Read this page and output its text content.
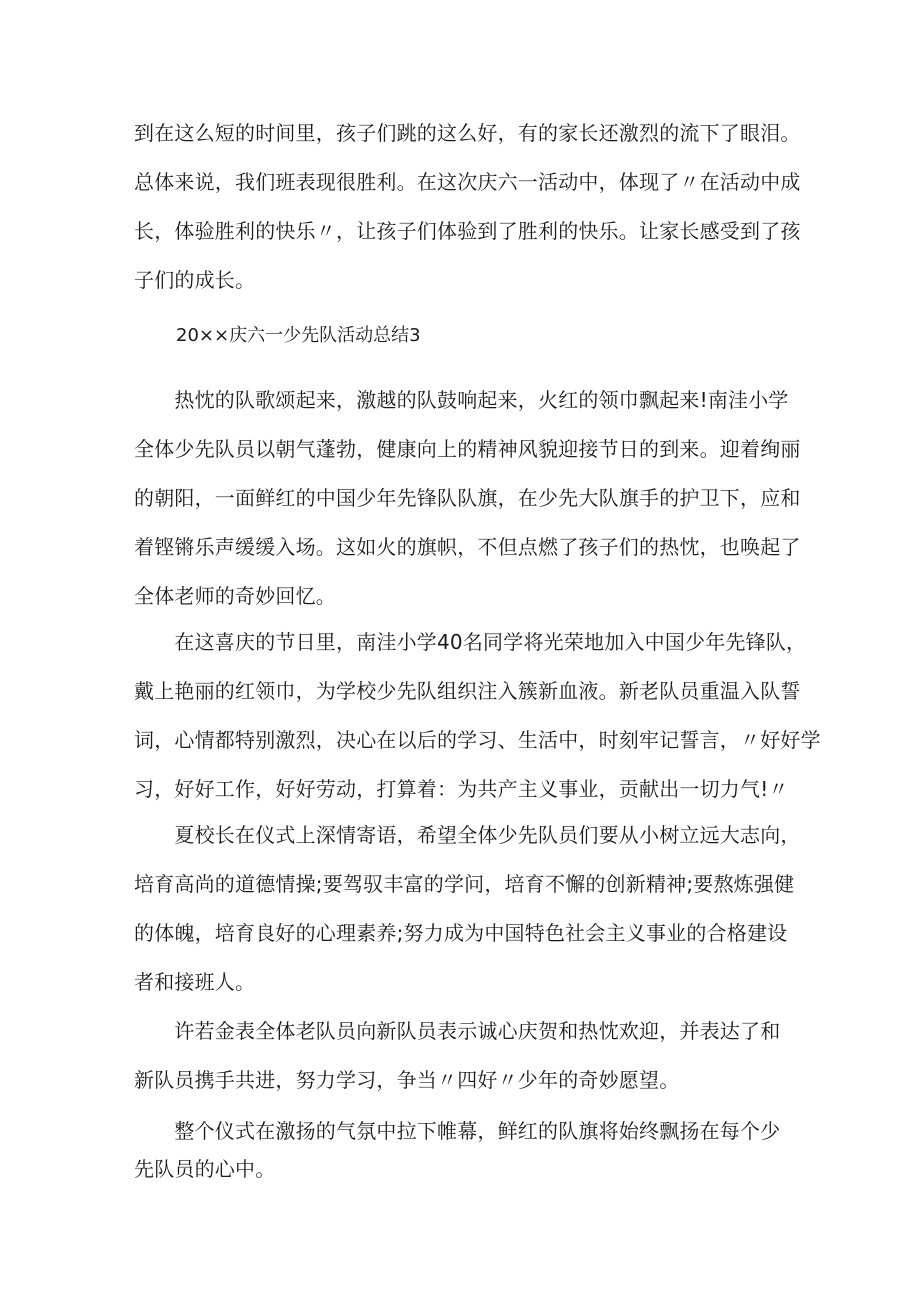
到在这么短的时间里，孩子们跳的这么好，有的家长还激烈的流下了眼泪。
总体来说，我们班表现很胜利。在这次庆六一活动中，体现了〃在活动中成
长，体验胜利的快乐〃，让孩子们体验到了胜利的快乐。让家长感受到了孩
子们的成长。

20××庆六一少先队活动总结3

　　热忱的队歌颂起来，激越的队鼓响起来，火红的领巾飘起来!南洼小学
全体少先队员以朝气蓬勃，健康向上的精神风貌迎接节日的到来。迎着绚丽
的朝阳，一面鲜红的中国少年先锋队队旗，在少先大队旗手的护卫下，应和
着铿锵乐声缓缓入场。这如火的旗帜，不但点燃了孩子们的热忱，也唤起了
全体老师的奇妙回忆。

　　在这喜庆的节日里，南洼小学40名同学将光荣地加入中国少年先锋队，
戴上艳丽的红领巾，为学校少先队组织注入簇新血液。新老队员重温入队誓
词，心情都特别激烈，决心在以后的学习、生活中，时刻牢记誓言，〃好好学
习，好好工作，好好劳动，打算着：为共产主义事业，贡献出一切力气!〃

　　夏校长在仪式上深情寄语，希望全体少先队员们要从小树立远大志向，
培育高尚的道德情操;要驾驭丰富的学问，培育不懈的创新精神;要熬炼强健
的体魄，培育良好的心理素养;努力成为中国特色社会主义事业的合格建设
者和接班人。

　　许若金表全体老队员向新队员表示诚心庆贺和热忱欢迎，并表达了和
新队员携手共进，努力学习，争当〃四好〃少年的奇妙愿望。

　　整个仪式在激扬的气氛中拉下帷幕，鲜红的队旗将始终飘扬在每个少
先队员的心中。
